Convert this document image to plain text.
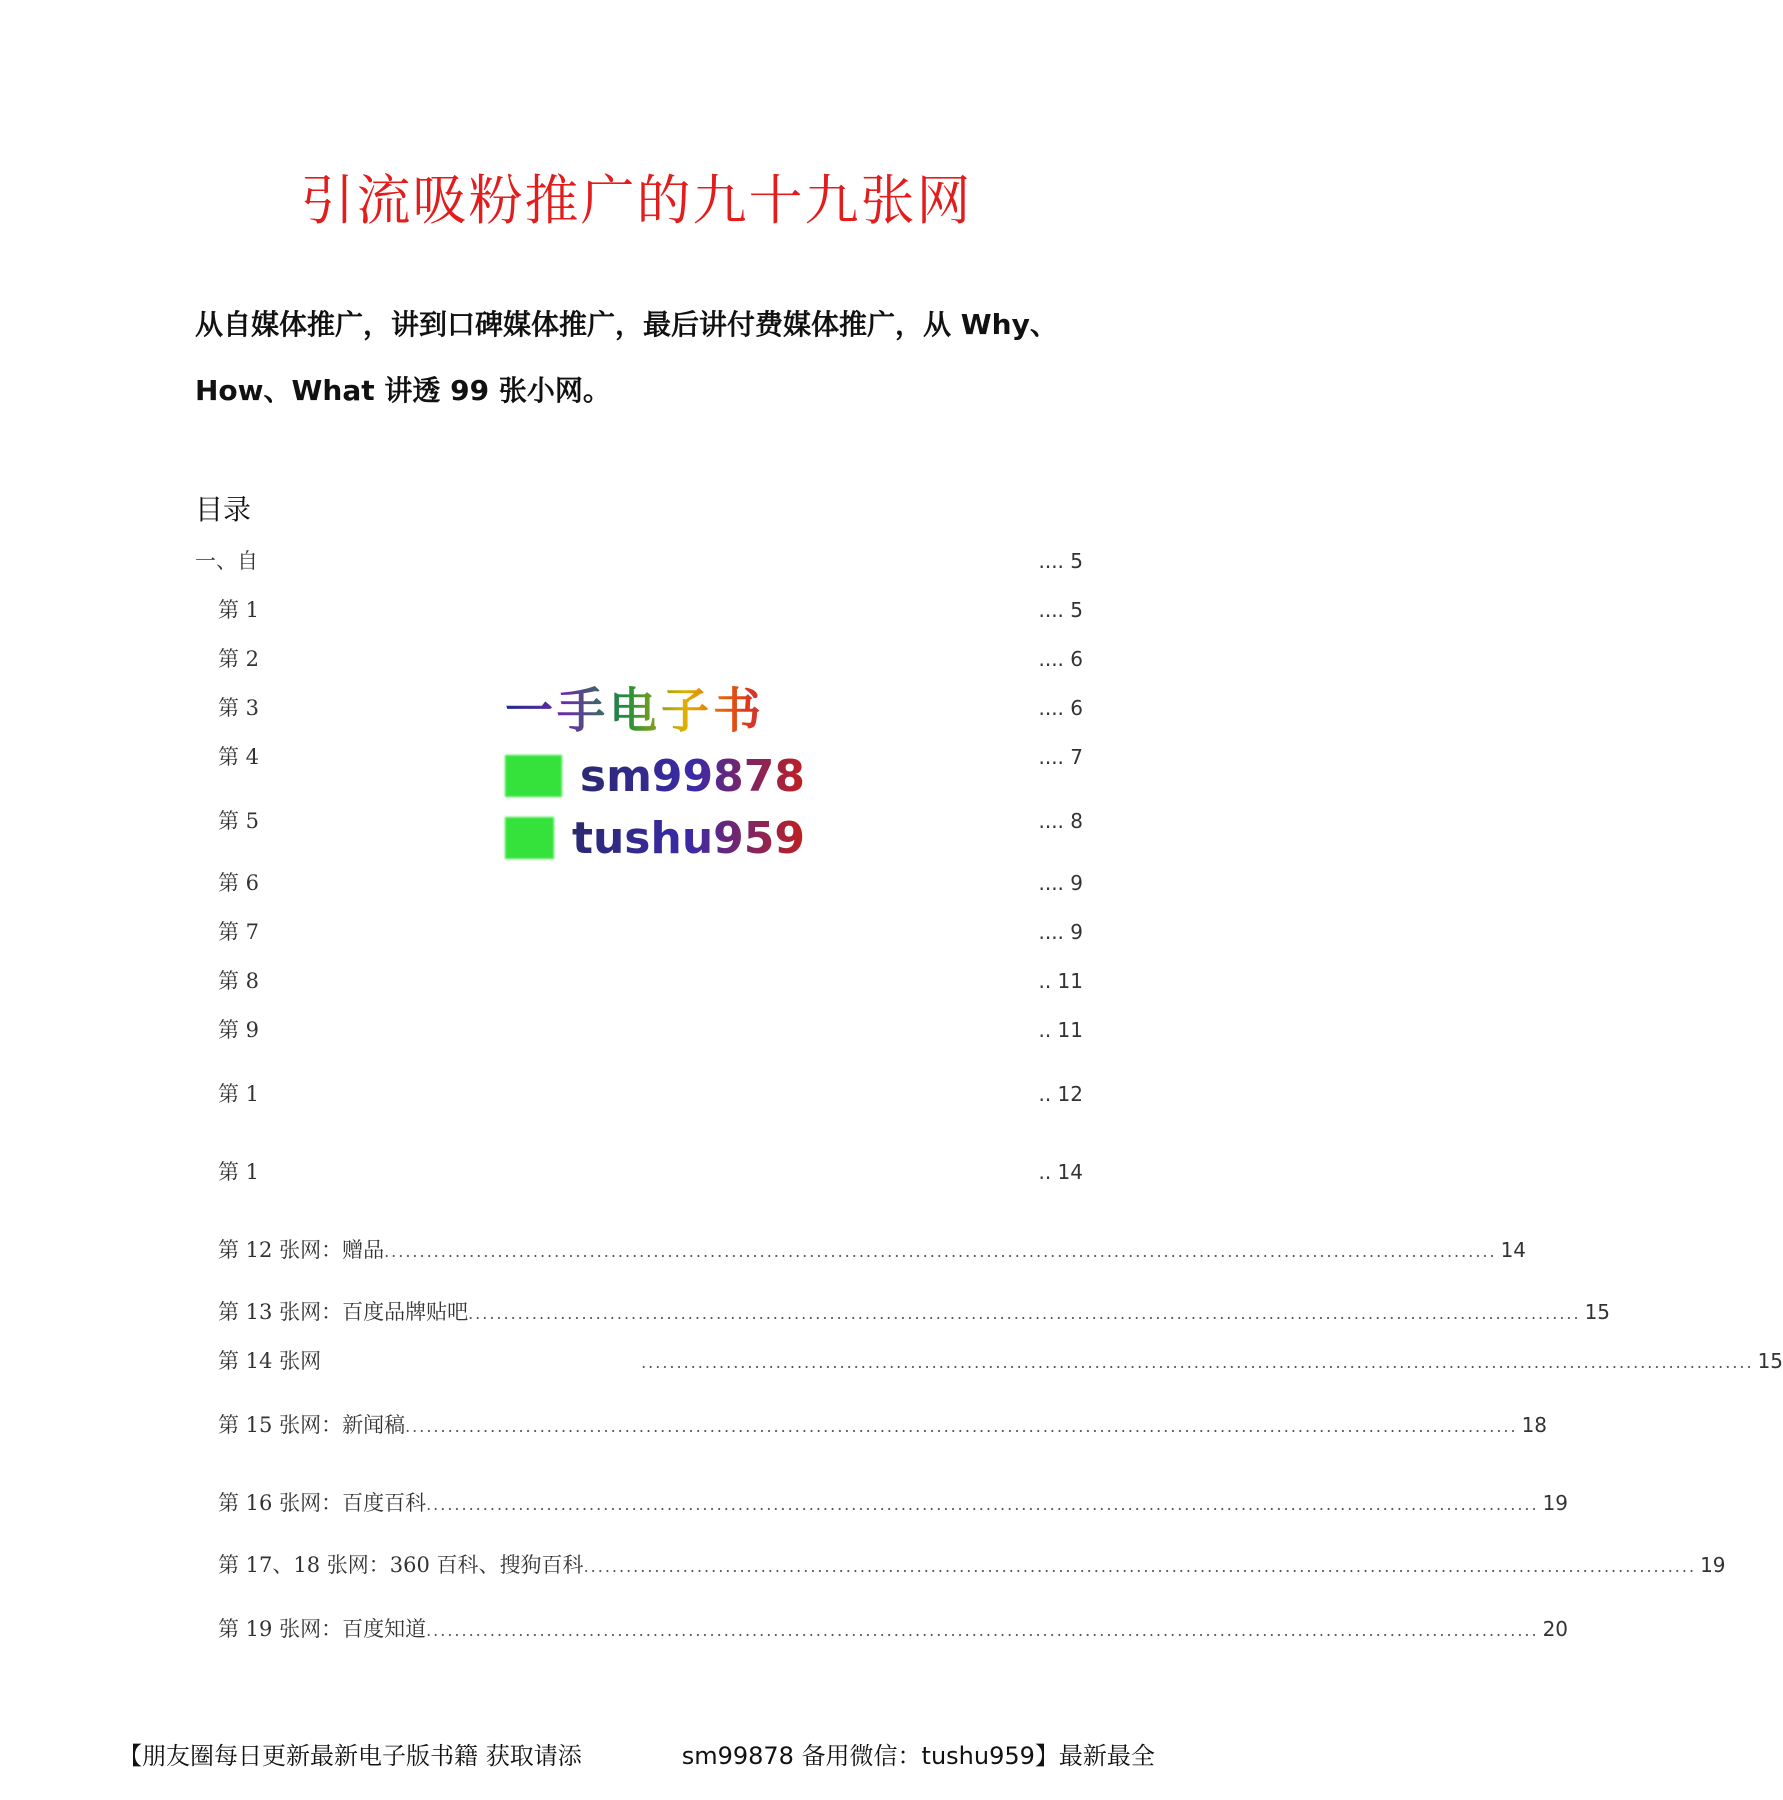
引流吸粉推广的九十九张网
从自媒体推广，讲到口碑媒体推广，最后讲付费媒体推广，从 Why、
How、What 讲透 99 张小网。
目录
一、自	.... 5
第 1	.... 5
第 2	.... 6
第 3	.... 6
第 4	.... 7
第 5	.... 8
第 6	.... 9
第 7	.... 9
第 8	.. 11
第 9	.. 11
第 1	.. 12
第 1	.. 14
第 12 张网：赠品 ............................................................................................................................................................. 14
第 13 张网：百度品牌贴吧 ............................................................................................................................................................. 15
第 14 张网	............................................................................................................................................................. 15
第 15 张网：新闻稿 ............................................................................................................................................................. 18
第 16 张网：百度百科 ............................................................................................................................................................. 19
第 17、18 张网：360 百科、搜狗百科 ............................................................................................................................................................. 19
第 19 张网：百度知道 ............................................................................................................................................................. 20
一手电子书
sm99878
tushu959
【朋友圈每日更新最新电子版书籍 获取请添	sm99878 备用微信：tushu959】最新最全
